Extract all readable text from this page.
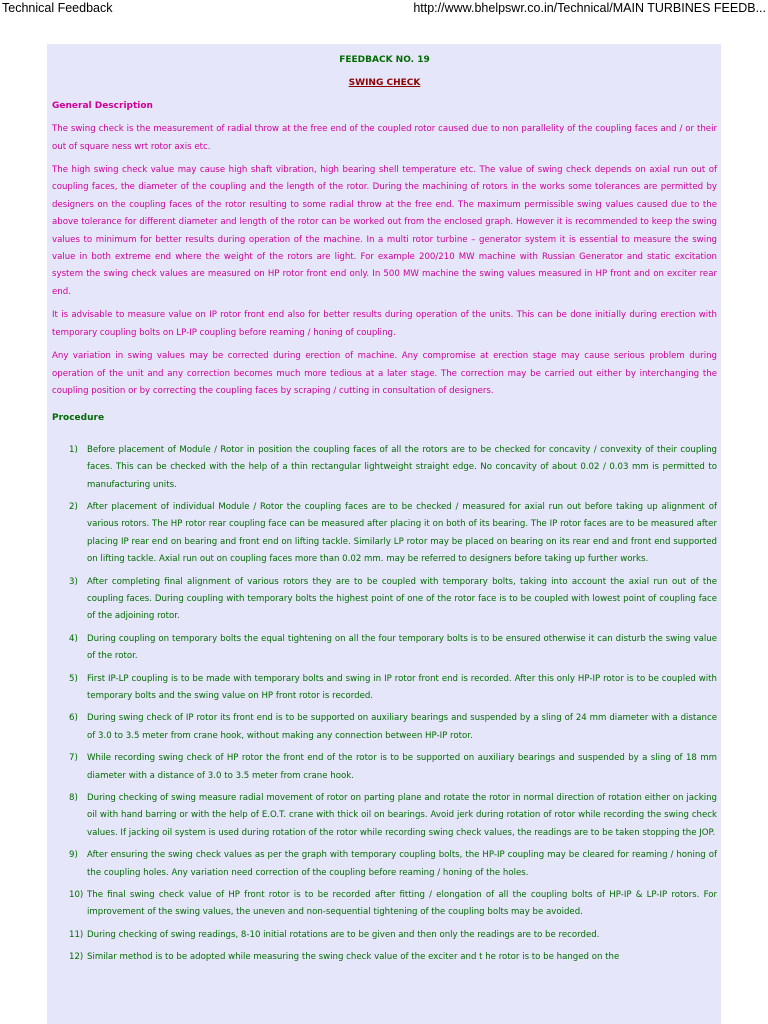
Technical Feedback	http://www.bhelpswr.co.in/Technical/MAIN TURBINES FEEDB...

FEEDBACK NO. 19

SWING CHECK

General Description

The swing check is the measurement of radial throw at the free end of the coupled rotor caused due to non parallelity of the coupling faces and / or their out of square ness wrt rotor axis etc.

The high swing check value may cause high shaft vibration, high bearing shell temperature etc. The value of swing check depends on axial run out of coupling faces, the diameter of the coupling and the length of the rotor. During the machining of rotors in the works some tolerances are permitted by designers on the coupling faces of the rotor resulting to some radial throw at the free end. The maximum permissible swing values caused due to the above tolerance for different diameter and length of the rotor can be worked out from the enclosed graph. However it is recommended to keep the swing values to minimum for better results during operation of the machine. In a multi rotor turbine – generator system it is essential to measure the swing value in both extreme end where the weight of the rotors are light. For example 200/210 MW machine with Russian Generator and static excitation system the swing check values are measured on HP rotor front end only. In 500 MW machine the swing values measured in HP front and on exciter rear end.

It is advisable to measure value on IP rotor front end also for better results during operation of the units. This can be done initially during erection with temporary coupling bolts on LP-IP coupling before reaming / honing of coupling.

Any variation in swing values may be corrected during erection of machine. Any compromise at erection stage may cause serious problem during operation of the unit and any correction becomes much more tedious at a later stage. The correction may be carried out either by interchanging the coupling position or by correcting the coupling faces by scraping / cutting in consultation of designers.

Procedure

1) Before placement of Module / Rotor in position the coupling faces of all the rotors are to be checked for concavity / convexity of their coupling faces. This can be checked with the help of a thin rectangular lightweight straight edge. No concavity of about 0.02 / 0.03 mm is permitted to manufacturing units.
2) After placement of individual Module / Rotor the coupling faces are to be checked / measured for axial run out before taking up alignment of various rotors. The HP rotor rear coupling face can be measured after placing it on both of its bearing. The IP rotor faces are to be measured after placing IP rear end on bearing and front end on lifting tackle. Similarly LP rotor may be placed on bearing on its rear end and front end supported on lifting tackle. Axial run out on coupling faces more than 0.02 mm. may be referred to designers before taking up further works.
3) After completing final alignment of various rotors they are to be coupled with temporary bolts, taking into account the axial run out of the coupling faces. During coupling with temporary bolts the highest point of one of the rotor face is to be coupled with lowest point of coupling face of the adjoining rotor.
4) During coupling on temporary bolts the equal tightening on all the four temporary bolts is to be ensured otherwise it can disturb the swing value of the rotor.
5) First IP-LP coupling is to be made with temporary bolts and swing in IP rotor front end is recorded. After this only HP-IP rotor is to be coupled with temporary bolts and the swing value on HP front rotor is recorded.
6) During swing check of IP rotor its front end is to be supported on auxiliary bearings and suspended by a sling of 24 mm diameter with a distance of 3.0 to 3.5 meter from crane hook, without making any connection between HP-IP rotor.
7) While recording swing check of HP rotor the front end of the rotor is to be supported on auxiliary bearings and suspended by a sling of 18 mm diameter with a distance of 3.0 to 3.5 meter from crane hook.
8) During checking of swing measure radial movement of rotor on parting plane and rotate the rotor in normal direction of rotation either on jacking oil with hand barring or with the help of E.O.T. crane with thick oil on bearings. Avoid jerk during rotation of rotor while recording the swing check values. If jacking oil system is used during rotation of the rotor while recording swing check values, the readings are to be taken stopping the JOP.
9) After ensuring the swing check values as per the graph with temporary coupling bolts, the HP-IP coupling may be cleared for reaming / honing of the coupling holes. Any variation need correction of the coupling before reaming / honing of the holes.
10) The final swing check value of HP front rotor is to be recorded after fitting / elongation of all the coupling bolts of HP-IP & LP-IP rotors. For improvement of the swing values, the uneven and non-sequential tightening of the coupling bolts may be avoided.
11) During checking of swing readings, 8-10 initial rotations are to be given and then only the readings are to be recorded.
12) Similar method is to be adopted while measuring the swing check value of the exciter and t he rotor is to be hanged on the
